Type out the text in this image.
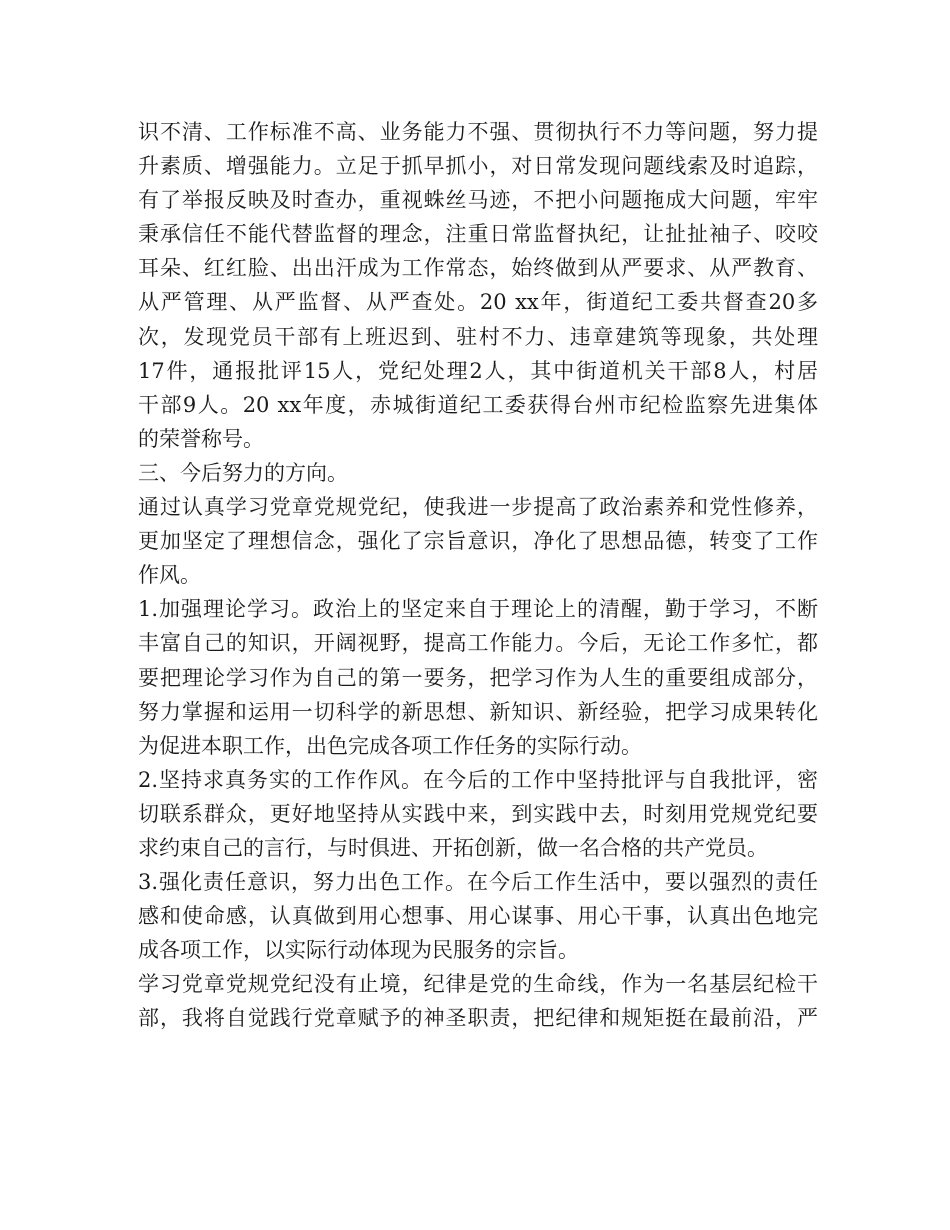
识不清、工作标准不高、业务能力不强、贯彻执行不力等问题，努力提
升素质、增强能力。立足于抓早抓小，对日常发现问题线索及时追踪，
有了举报反映及时查办，重视蛛丝马迹，不把小问题拖成大问题，牢牢
秉承信任不能代替监督的理念，注重日常监督执纪，让扯扯袖子、咬咬
耳朵、红红脸、出出汗成为工作常态，始终做到从严要求、从严教育、
从严管理、从严监督、从严查处。20 xx年，街道纪工委共督查20多
次，发现党员干部有上班迟到、驻村不力、违章建筑等现象，共处理
17件，通报批评15人，党纪处理2人，其中街道机关干部8人，村居
干部9人。20 xx年度，赤城街道纪工委获得台州市纪检监察先进集体
的荣誉称号。
三、今后努力的方向。
通过认真学习党章党规党纪，使我进一步提高了政治素养和党性修养，
更加坚定了理想信念，强化了宗旨意识，净化了思想品德，转变了工作
作风。
1.加强理论学习。政治上的坚定来自于理论上的清醒，勤于学习，不断
丰富自己的知识，开阔视野，提高工作能力。今后，无论工作多忙，都
要把理论学习作为自己的第一要务，把学习作为人生的重要组成部分，
努力掌握和运用一切科学的新思想、新知识、新经验，把学习成果转化
为促进本职工作，出色完成各项工作任务的实际行动。
2.坚持求真务实的工作作风。在今后的工作中坚持批评与自我批评，密
切联系群众，更好地坚持从实践中来，到实践中去，时刻用党规党纪要
求约束自己的言行，与时俱进、开拓创新，做一名合格的共产党员。
3.强化责任意识，努力出色工作。在今后工作生活中，要以强烈的责任
感和使命感，认真做到用心想事、用心谋事、用心干事，认真出色地完
成各项工作，以实际行动体现为民服务的宗旨。
学习党章党规党纪没有止境，纪律是党的生命线，作为一名基层纪检干
部，我将自觉践行党章赋予的神圣职责，把纪律和规矩挺在最前沿，严
